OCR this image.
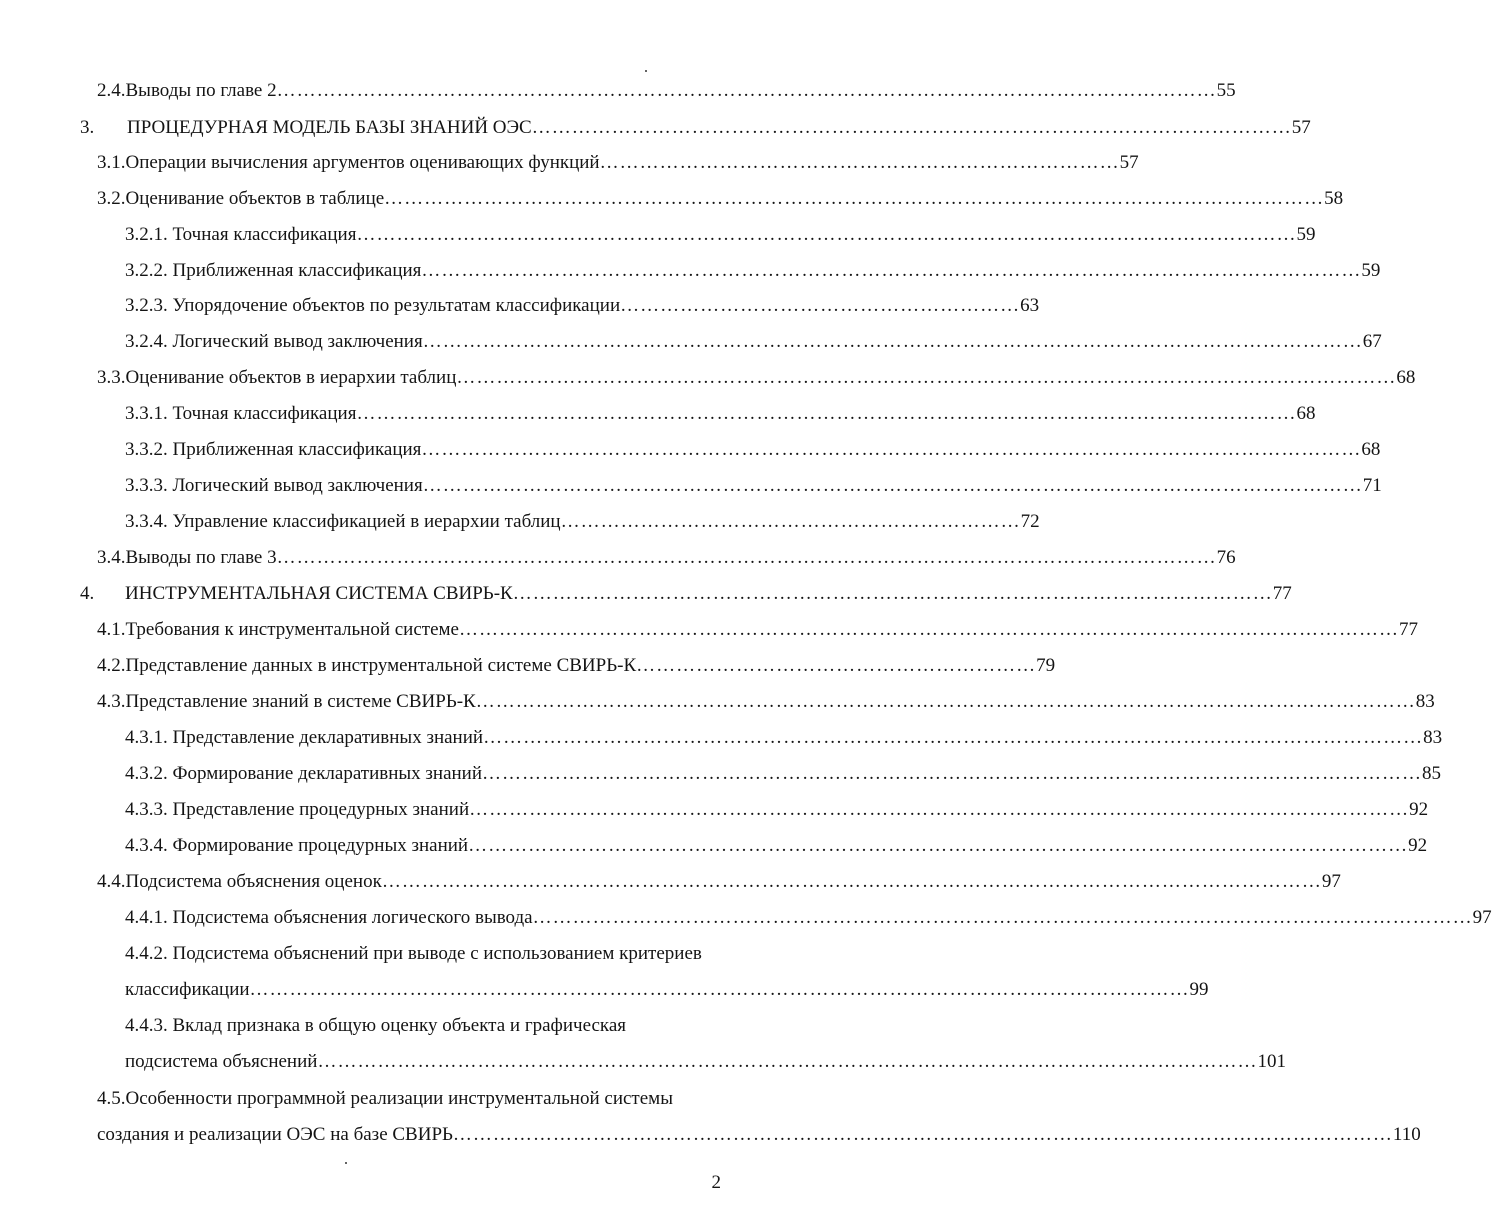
2.4.Выводы по главе 2 …………………………………………………………………………………………………………………………… 55
3. ПРОЦЕДУРНАЯ МОДЕЛЬ БАЗЫ ЗНАНИЙ ОЭС …………………………………………………………………………………………………… 57
3.1.Операции вычисления аргументов оценивающих функций …………………………………………………………………… 57
3.2.Оценивание объектов в таблице …………………………………………………………………………………………………………………………… 58
3.2.1. Точная классификация …………………………………………………………………………………………………………………………… 59
3.2.2. Приближенная классификация …………………………………………………………………………………………………………………………… 59
3.2.3. Упорядочение объектов по результатам классификации …………………………………………………… 63
3.2.4. Логический вывод заключения …………………………………………………………………………………………………………………………… 67
3.3.Оценивание объектов в иерархии таблиц …………………………………………………………………………………………………………………………… 68
3.3.1. Точная классификация …………………………………………………………………………………………………………………………… 68
3.3.2. Приближенная классификация …………………………………………………………………………………………………………………………… 68
3.3.3. Логический вывод заключения …………………………………………………………………………………………………………………………… 71
3.3.4. Управление классификацией в иерархии таблиц …………………………………………………………… 72
3.4.Выводы по главе 3 …………………………………………………………………………………………………………………………… 76
4. ИНСТРУМЕНТАЛЬНАЯ СИСТЕМА СВИРЬ-К …………………………………………………………………………………………………… 77
4.1.Требования к инструментальной системе …………………………………………………………………………………………………………………………… 77
4.2.Представление данных в инструментальной системе СВИРЬ-К …………………………………………………… 79
4.3.Представление знаний в системе СВИРЬ-К …………………………………………………………………………………………………………………………… 83
4.3.1. Представление декларативных знаний …………………………………………………………………………………………………………………………… 83
4.3.2. Формирование декларативных знаний …………………………………………………………………………………………………………………………… 85
4.3.3. Представление процедурных знаний …………………………………………………………………………………………………………………………… 92
4.3.4. Формирование процедурных знаний …………………………………………………………………………………………………………………………… 92
4.4.Подсистема объяснения оценок …………………………………………………………………………………………………………………………… 97
4.4.1. Подсистема объяснения логического вывода …………………………………………………………………………………………………………………………… 97
4.4.2. Подсистема объяснений при выводе с использованием критериев
классификации …………………………………………………………………………………………………………………………… 99
4.4.3. Вклад признака в общую оценку объекта и графическая
подсистема объяснений …………………………………………………………………………………………………………………………… 101
4.5.Особенности программной реализации инструментальной системы
создания и реализации ОЭС на базе СВИРЬ …………………………………………………………………………………………………………………………… 110
2
